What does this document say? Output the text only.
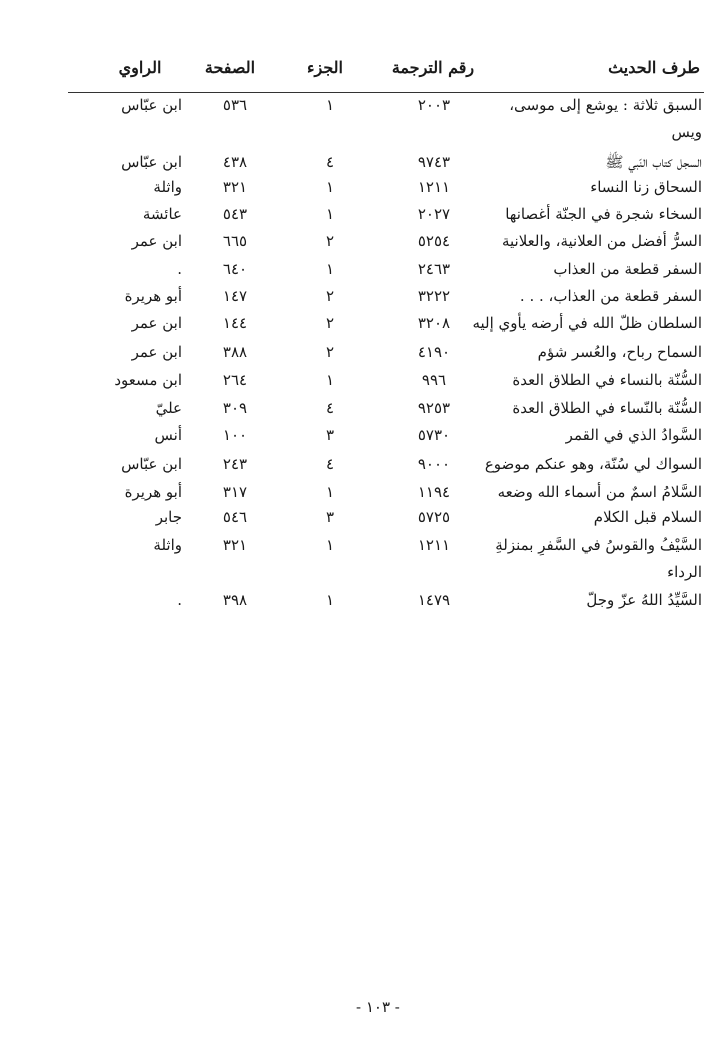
طرف الحديث
رقم الترجمة
الجزء
الصفحة
الراوي
السبق ثلاثة : يوشع إلى موسى،
٢٠٠٣
١
٥٣٦
ابن عبّاس
ويس
السجل كتاب النّبي ﷺ
٩٧٤٣
٤
٤٣٨
ابن عبّاس
السحاق زنا النساء
١٢١١
١
٣٢١
واثلة
السخاء شجرة في الجنّة أغصانها
٢٠٢٧
١
٥٤٣
عائشة
السرُّ أفضل من العلانية، والعلانية
٥٢٥٤
٢
٦٦٥
ابن عمر
السفر قطعة من العذاب
٢٤٦٣
١
٦٤٠
.
السفر قطعة من العذاب، . . .
٣٢٢٢
٢
١٤٧
أبو هريرة
السلطان ظلّ الله في أرضه يأوي إليه
٣٢٠٨
٢
١٤٤
ابن عمر
السماح رباح، والعُسر شؤم
٤١٩٠
٢
٣٨٨
ابن عمر
السُّنّة بالنساء في الطلاق العدة
٩٩٦
١
٢٦٤
ابن مسعود
السُّنّة بالنّساء في الطلاق العدة
٩٢٥٣
٤
٣٠٩
عليّ
السَّوادُ الذي في القمر
٥٧٣٠
٣
١٠٠
أنس
السواك لي سُنّة، وهو عنكم موضوع
٩٠٠٠
٤
٢٤٣
ابن عبّاس
السَّلامُ اسمٌ من أسماء الله وضعه
١١٩٤
١
٣١٧
أبو هريرة
السلام قبل الكلام
٥٧٢٥
٣
٥٤٦
جابر
السَّيْفُ والقوسُ في السَّفرِ بمنزلةِ
١٢١١
١
٣٢١
واثلة
الرداء
السَّيِّدُ اللهُ عزّ وجلّ
١٤٧٩
١
٣٩٨
.
- ١٠٣ -
